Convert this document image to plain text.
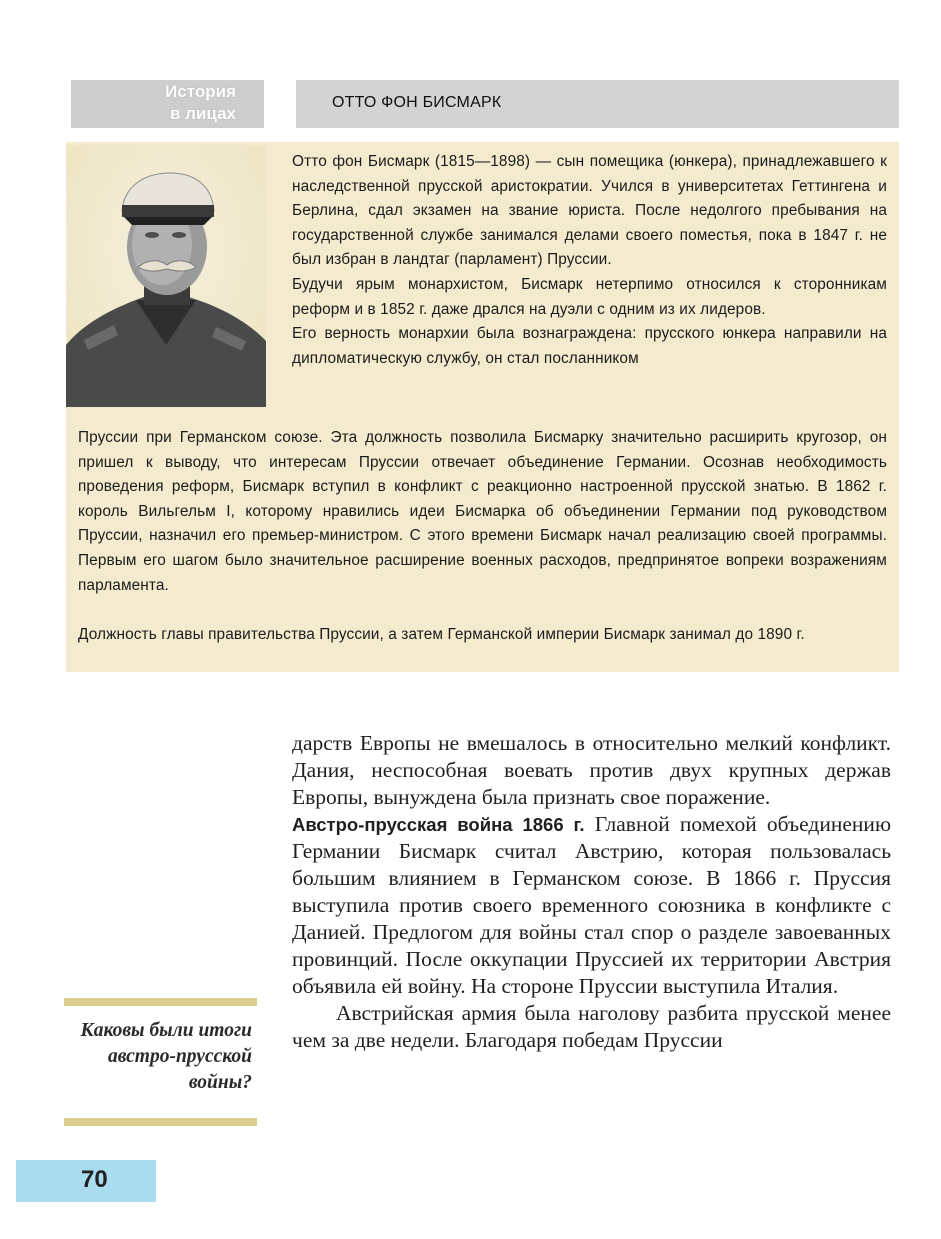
История
в лицах
ОТТО ФОН БИСМАРК

Отто фон Бисмарк (1815—1898) — сын помещика (юнкера), принадлежавшего к наследственной прусской аристократии. Учился в университетах Геттингена и Берлина, сдал экзамен на звание юриста. После недолгого пребывания на государственной службе занимался делами своего поместья, пока в 1847 г. не был избран в ландтаг (парламент) Пруссии.

Будучи ярым монархистом, Бисмарк нетерпимо относился к сторонникам реформ и в 1852 г. даже дрался на дуэли с одним из их лидеров.

Его верность монархии была вознаграждена: прусского юнкера направили на дипломатическую службу, он стал посланником

Пруссии при Германском союзе. Эта должность позволила Бисмарку значительно расширить кругозор, он пришел к выводу, что интересам Пруссии отвечает объединение Германии. Осознав необходимость проведения реформ, Бисмарк вступил в конфликт с реакционно настроенной прусской знатью. В 1862 г. король Вильгельм I, которому нравились идеи Бисмарка об объединении Германии под руководством Пруссии, назначил его премьер-министром. С этого времени Бисмарк начал реализацию своей программы. Первым его шагом было значительное расширение военных расходов, предпринятое вопреки возражениям парламента.

Должность главы правительства Пруссии, а затем Германской империи Бисмарк занимал до 1890 г.

дарств Европы не вмешалось в относительно мелкий конфликт. Дания, неспособная воевать против двух крупных держав Европы, вынуждена была признать свое поражение.

Австро-прусская война 1866 г. Главной помехой объединению Германии Бисмарк считал Австрию, которая пользовалась большим влиянием в Германском союзе. В 1866 г. Пруссия выступила против своего временного союзника в конфликте с Данией. Предлогом для войны стал спор о разделе завоеванных провинций. После оккупации Пруссией их территории Австрия объявила ей войну. На стороне Пруссии выступила Италия.

Австрийская армия была наголову разбита прусской менее чем за две недели. Благодаря победам Пруссии

Каковы были итоги австро-прусской войны?
70
